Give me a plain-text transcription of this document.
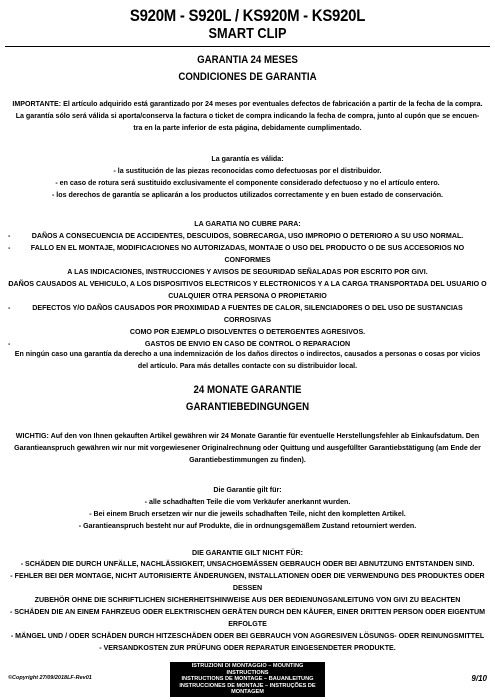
S920M - S920L / KS920M - KS920L
SMART CLIP
GARANTIA 24 MESES
CONDICIONES DE GARANTIA
IMPORTANTE: El artículo adquirido está garantizado por 24 meses por eventuales defectos de fabricación a partir de la fecha de la compra.
La garantía sólo será válida si aporta/conserva la factura o ticket de compra indicando la fecha de compra, junto al cupón que se encuen-
tra en la parte inferior de esta página, debidamente cumplimentado.
La garantía es válida:
- la sustitución de las piezas reconocidas como defectuosas por el distribuidor.
- en caso de rotura será sustituido exclusivamente el componente considerado defectuoso y no el artículo entero.
- los derechos de garantía se aplicarán a los productos utilizados correctamente y en buen estado de conservación.
LA GARATIA NO CUBRE PARA:
- DAÑOS A CONSECUENCIA DE ACCIDENTES, DESCUIDOS, SOBRECARGA, USO IMPROPIO O DETERIORO A SU USO NORMAL.
- FALLO EN EL MONTAJE, MODIFICACIONES NO AUTORIZADAS, MONTAJE O USO DEL PRODUCTO O DE SUS ACCESORIOS NO CONFORMES
A LAS INDICACIONES, INSTRUCCIONES Y AVISOS DE SEGURIDAD SEÑALADAS POR ESCRITO POR GIVI.
- DAÑOS CAUSADOS AL VEHICULO, A LOS DISPOSITIVOS ELECTRICOS Y ELECTRONICOS Y A LA CARGA TRANSPORTADA DEL USUARIO O
CUALQUIER OTRA PERSONA O PROPIETARIO
- DEFECTOS Y/O DAÑOS CAUSADOS POR PROXIMIDAD A FUENTES DE CALOR, SILENCIADORES O DEL USO DE SUSTANCIAS CORROSIVAS
COMO POR EJEMPLO DISOLVENTES O DETERGENTES AGRESIVOS.
- GASTOS DE ENVIO EN CASO DE CONTROL O REPARACION
En ningún caso una garantía da derecho a una indemnización de los daños directos o indirectos, causados a personas o cosas por vicios
del artículo. Para más detalles contacte con su distribuidor local.
24 MONATE GARANTIE
GARANTIEBEDINGUNGEN
WICHTIG: Auf den von Ihnen gekauften Artikel gewähren wir 24 Monate Garantie für eventuelle Herstellungsfehler ab Einkaufsdatum. Den
Garantieanspruch gewähren wir nur mit vorgewiesener Originalrechnung oder Quittung und ausgefüllter Garantiebstätigung (am Ende der
Garantiebestimmungen zu finden).
Die Garantie gilt für:
- alle schadhaften Teile die vom Verkäufer anerkannt wurden.
- Bei einem Bruch ersetzen wir nur die jeweils schadhaften Teile, nicht den kompletten Artikel.
- Garantieanspruch besteht nur auf Produkte, die in ordnungsgemäßem Zustand retourniert werden.
DIE GARANTIE GILT NICHT FÜR:
- SCHÄDEN DIE DURCH UNFÄLLE, NACHLÄSSIGKEIT, UNSACHGEMÄSSEN GEBRAUCH ODER BEI ABNUTZUNG ENTSTANDEN SIND.
- FEHLER BEI DER MONTAGE, NICHT AUTORISIERTE ÄNDERUNGEN, INSTALLATIONEN ODER DIE VERWENDUNG DES PRODUKTES ODER DESSEN
ZUBEHÖR OHNE DIE SCHRIFTLICHEN SICHERHEITSHINWEISE AUS DER BEDIENUNGSANLEITUNG VON GIVI ZU BEACHTEN
- SCHÄDEN DIE AN EINEM FAHRZEUG ODER ELEKTRISCHEN GERÄTEN DURCH DEN KÄUFER, EINER DRITTEN PERSON ODER EIGENTUM ERFOLGTE
- MÄNGEL UND / ODER SCHÄDEN DURCH HITZESCHÄDEN ODER BEI GEBRAUCH VON AGGRESIVEN LÖSUNGS- ODER REINUNGSMITTEL
- VERSANDKOSTEN ZUR PRÜFUNG ODER REPARATUR EINGESENDETER PRODUKTE.
©Copyright 27/09/2018LF-Rev01
ISTRUZIONI DI MONTAGGIO – MOUNTING INSTRUCTIONS
INSTRUCTIONS DE MONTAGE – BAUANLEITUNG
INSTRUCCIONES DE MONTAJE – INSTRUÇÕES DE MONTAGEM
9/10
